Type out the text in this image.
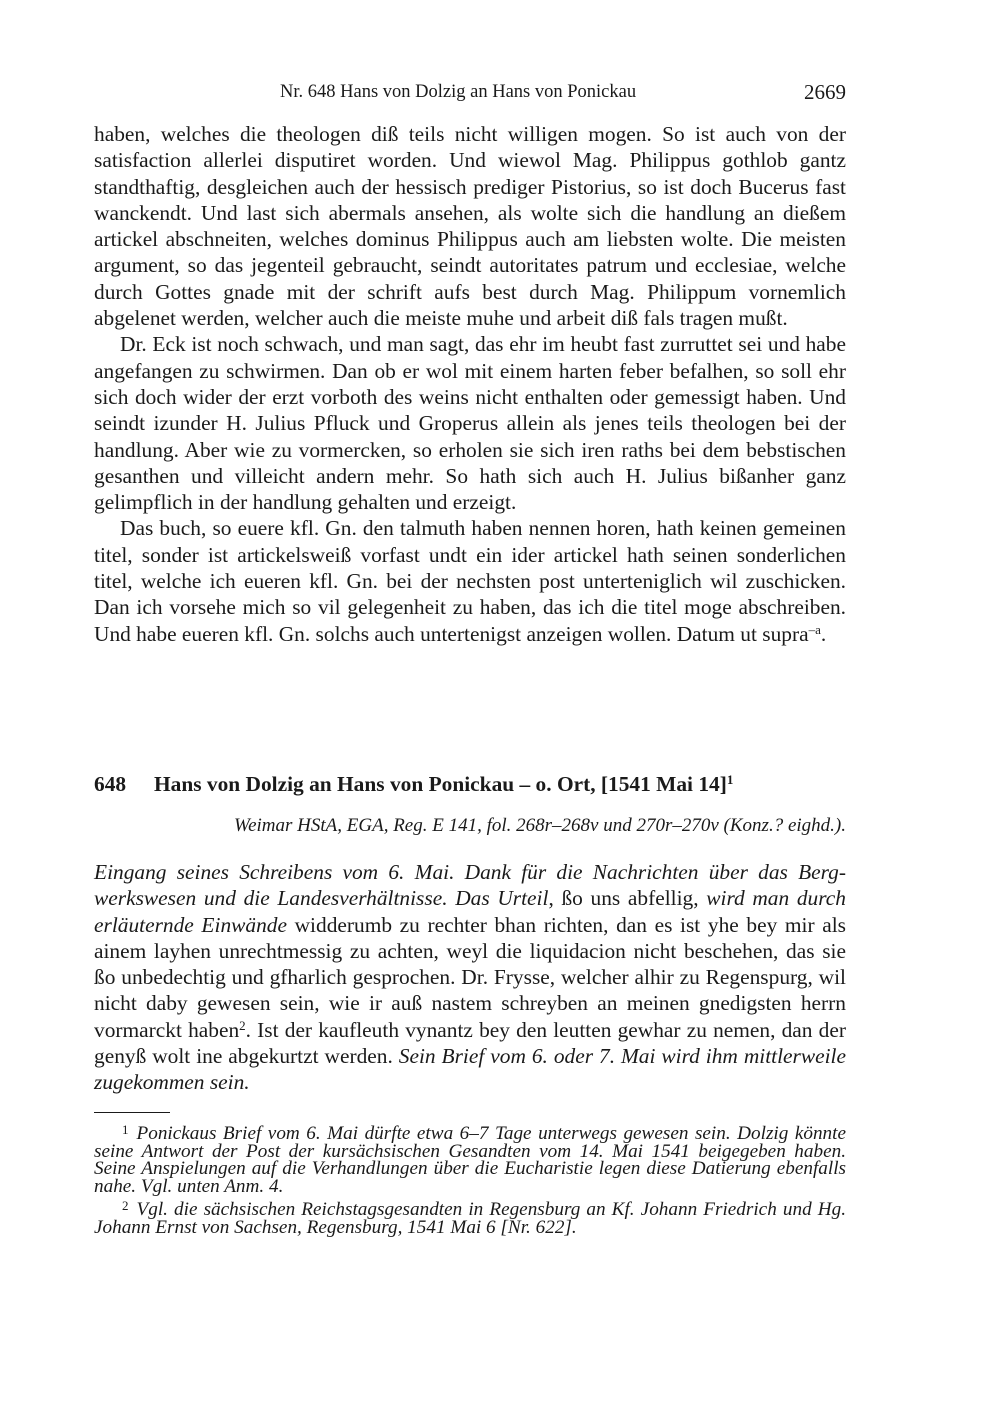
Nr. 648 Hans von Dolzig an Hans von Ponickau	2669

haben, welches die theologen diß teils nicht willigen mogen. So ist auch von der satisfaction allerlei disputiret worden. Und wiewol Mag. Philippus gothlob gantz standthaftig, desgleichen auch der hessisch prediger Pistorius, so ist doch Bucerus fast wanckendt. Und last sich abermals ansehen, als wolte sich die handlung an dießem artickel abschneiten, welches dominus Philippus auch am liebsten wolte. Die meisten argument, so das jegenteil gebraucht, seindt autoritates patrum und ecclesiae, welche durch Gottes gnade mit der schrift aufs best durch Mag. Philippum vornemlich abgelenet werden, welcher auch die meiste muhe und arbeit diß fals tragen mußt.

Dr. Eck ist noch schwach, und man sagt, das ehr im heubt fast zurruttet sei und habe angefangen zu schwirmen. Dan ob er wol mit einem harten feber befalhen, so soll ehr sich doch wider der erzt vorboth des weins nicht enthalten oder gemessigt haben. Und seindt izunder H. Julius Pfluck und Groperus allein als jenes teils theologen bei der handlung. Aber wie zu vormercken, so erholen sie sich iren raths bei dem bebstischen gesanthen und villeicht andern mehr. So hath sich auch H. Julius bißanher ganz gelimpflich in der handlung gehalten und erzeigt.

Das buch, so euere kfl. Gn. den talmuth haben nennen horen, hath keinen gemeinen titel, sonder ist artickelsweiß vorfast undt ein ider artickel hath seinen sonderlichen titel, welche ich eueren kfl. Gn. bei der nechsten post unterteniglich wil zuschicken. Dan ich vorsehe mich so vil gelegenheit zu haben, das ich die titel moge abschreiben. Und habe eueren kfl. Gn. solchs auch untertenigst anzeigen wollen. Datum ut supra$^{-a}$.

648 Hans von Dolzig an Hans von Ponickau – o. Ort, [1541 Mai 14]$^1$
Weimar HStA, EGA, Reg. E 141, fol. 268r–268v und 270r–270v (Konz.? eighd.).

Eingang seines Schreibens vom 6. Mai. Dank für die Nachrichten über das Bergwerkswesen und die Landesverhältnisse. Das Urteil, ßo uns abfellig, wird man durch erläuternde Einwände widderumb zu rechter bhan richten, dan es ist yhe bey mir als ainem layhen unrechtmessig zu achten, weyl die liquidacion nicht beschehen, das sie ßo unbedechtig und gfharlich gesprochen. Dr. Frysse, welcher alhir zu Regenspurg, wil nicht daby gewesen sein, wie ir auß nastem schreyben an meinen gnedigsten herrn vormarckt haben$^2$. Ist der kaufleuth vynantz bey den leutten gewhar zu nemen, dan der genyß wolt ine abgekurtzt werden. Sein Brief vom 6. oder 7. Mai wird ihm mittlerweile zugekommen sein.

$^1$ Ponickaus Brief vom 6. Mai dürfte etwa 6–7 Tage unterwegs gewesen sein. Dolzig könnte seine Antwort der Post der kursächsischen Gesandten vom 14. Mai 1541 beigegeben haben. Seine Anspielungen auf die Verhandlungen über die Eucharistie legen diese Datierung ebenfalls nahe. Vgl. unten Anm. 4.

$^2$ Vgl. die sächsischen Reichstagsgesandten in Regensburg an Kf. Johann Friedrich und Hg. Johann Ernst von Sachsen, Regensburg, 1541 Mai 6 [Nr. 622].
